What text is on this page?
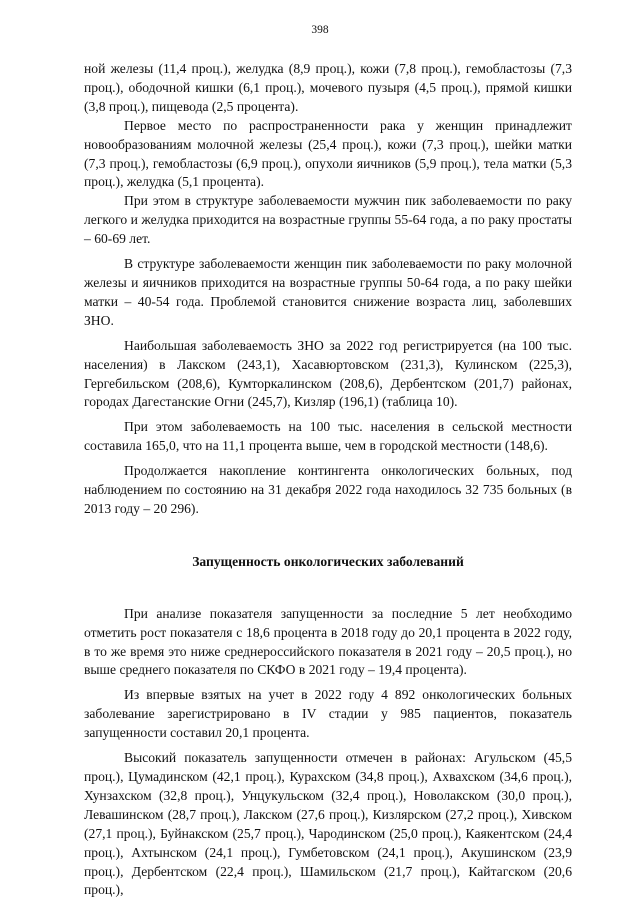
398

ной железы (11,4 проц.), желудка (8,9 проц.), кожи (7,8 проц.), гемобластозы (7,3 проц.), ободочной кишки (6,1 проц.), мочевого пузыря (4,5 проц.), прямой кишки (3,8 проц.), пищевода (2,5 процента).

Первое место по распространенности рака у женщин принадлежит новообразованиям молочной железы (25,4 проц.), кожи (7,3 проц.), шейки матки (7,3 проц.), гемобластозы (6,9 проц.), опухоли яичников (5,9 проц.), тела матки (5,3 проц.), желудка (5,1 процента).

При этом в структуре заболеваемости мужчин пик заболеваемости по раку легкого и желудка приходится на возрастные группы 55-64 года, а по раку простаты – 60-69 лет.

В структуре заболеваемости женщин пик заболеваемости по раку молочной железы и яичников приходится на возрастные группы 50-64 года, а по раку шейки матки – 40-54 года. Проблемой становится снижение возраста лиц, заболевших ЗНО.

Наибольшая заболеваемость ЗНО за 2022 год регистрируется (на 100 тыс. населения) в Лакском (243,1), Хасавюртовском (231,3), Кулинском (225,3), Гергебильском (208,6), Кумторкалинском (208,6), Дербентском (201,7) районах, городах Дагестанские Огни (245,7), Кизляр (196,1) (таблица 10).

При этом заболеваемость на 100 тыс. населения в сельской местности составила 165,0, что на 11,1 процента выше, чем в городской местности (148,6).

Продолжается накопление контингента онкологических больных, под наблюдением по состоянию на 31 декабря 2022 года находилось 32 735 больных (в 2013 году – 20 296).

Запущенность онкологических заболеваний

При анализе показателя запущенности за последние 5 лет необходимо отметить рост показателя с 18,6 процента в 2018 году до 20,1 процента в 2022 году, в то же время это ниже среднероссийского показателя в 2021 году – 20,5 проц.), но выше среднего показателя по СКФО в 2021 году – 19,4 процента).

Из впервые взятых на учет в 2022 году 4 892 онкологических больных заболевание зарегистрировано в IV стадии у 985 пациентов, показатель запущенности составил 20,1 процента.

Высокий показатель запущенности отмечен в районах: Агульском (45,5 проц.), Цумадинском (42,1 проц.), Курахском (34,8 проц.), Ахвахском (34,6 проц.), Хунзахском (32,8 проц.), Унцукульском (32,4 проц.), Новолакском (30,0 проц.), Левашинском (28,7 проц.), Лакском (27,6 проц.), Кизлярском (27,2 проц.), Хивском (27,1 проц.), Буйнакском (25,7 проц.), Чародинском (25,0 проц.), Каякентском (24,4 проц.), Ахтынском (24,1 проц.), Гумбетовском (24,1 проц.), Акушинском (23,9 проц.), Дербентском (22,4 проц.), Шамильском (21,7 проц.), Кайтагском (20,6 проц.),
